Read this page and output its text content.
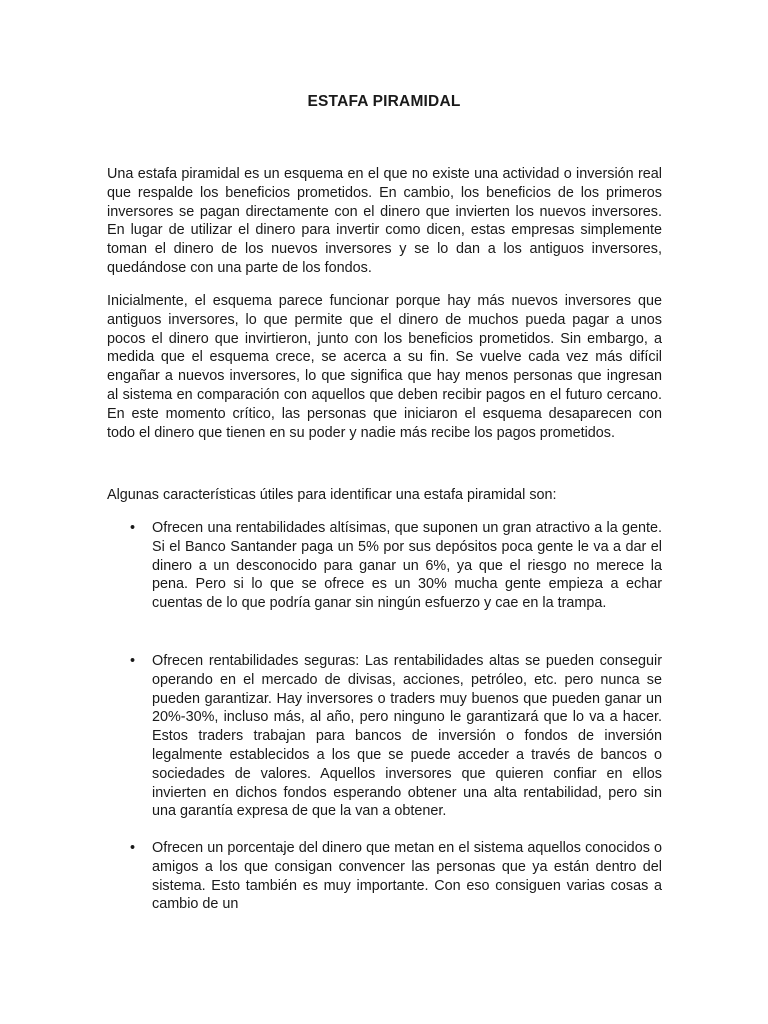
ESTAFA PIRAMIDAL

Una estafa piramidal es un esquema en el que no existe una actividad o inversión real que respalde los beneficios prometidos. En cambio, los beneficios de los primeros inversores se pagan directamente con el dinero que invierten los nuevos inversores. En lugar de utilizar el dinero para invertir como dicen, estas empresas simplemente toman el dinero de los nuevos inversores y se lo dan a los antiguos inversores, quedándose con una parte de los fondos.

Inicialmente, el esquema parece funcionar porque hay más nuevos inversores que antiguos inversores, lo que permite que el dinero de muchos pueda pagar a unos pocos el dinero que invirtieron, junto con los beneficios prometidos. Sin embargo, a medida que el esquema crece, se acerca a su fin. Se vuelve cada vez más difícil engañar a nuevos inversores, lo que significa que hay menos personas que ingresan al sistema en comparación con aquellos que deben recibir pagos en el futuro cercano. En este momento crítico, las personas que iniciaron el esquema desaparecen con todo el dinero que tienen en su poder y nadie más recibe los pagos prometidos.

Algunas características útiles para identificar una estafa piramidal son:

• Ofrecen una rentabilidades altísimas, que suponen un gran atractivo a la gente. Si el Banco Santander paga un 5% por sus depósitos poca gente le va a dar el dinero a un desconocido para ganar un 6%, ya que el riesgo no merece la pena. Pero si lo que se ofrece es un 30% mucha gente empieza a echar cuentas de lo que podría ganar sin ningún esfuerzo y cae en la trampa.

• Ofrecen rentabilidades seguras: Las rentabilidades altas se pueden conseguir operando en el mercado de divisas, acciones, petróleo, etc. pero nunca se pueden garantizar. Hay inversores o traders muy buenos que pueden ganar un 20%-30%, incluso más, al año, pero ninguno le garantizará que lo va a hacer. Estos traders trabajan para bancos de inversión o fondos de inversión legalmente establecidos a los que se puede acceder a través de bancos o sociedades de valores. Aquellos inversores que quieren confiar en ellos invierten en dichos fondos esperando obtener una alta rentabilidad, pero sin una garantía expresa de que la van a obtener.

• Ofrecen un porcentaje del dinero que metan en el sistema aquellos conocidos o amigos a los que consigan convencer las personas que ya están dentro del sistema. Esto también es muy importante. Con eso consiguen varias cosas a cambio de un
